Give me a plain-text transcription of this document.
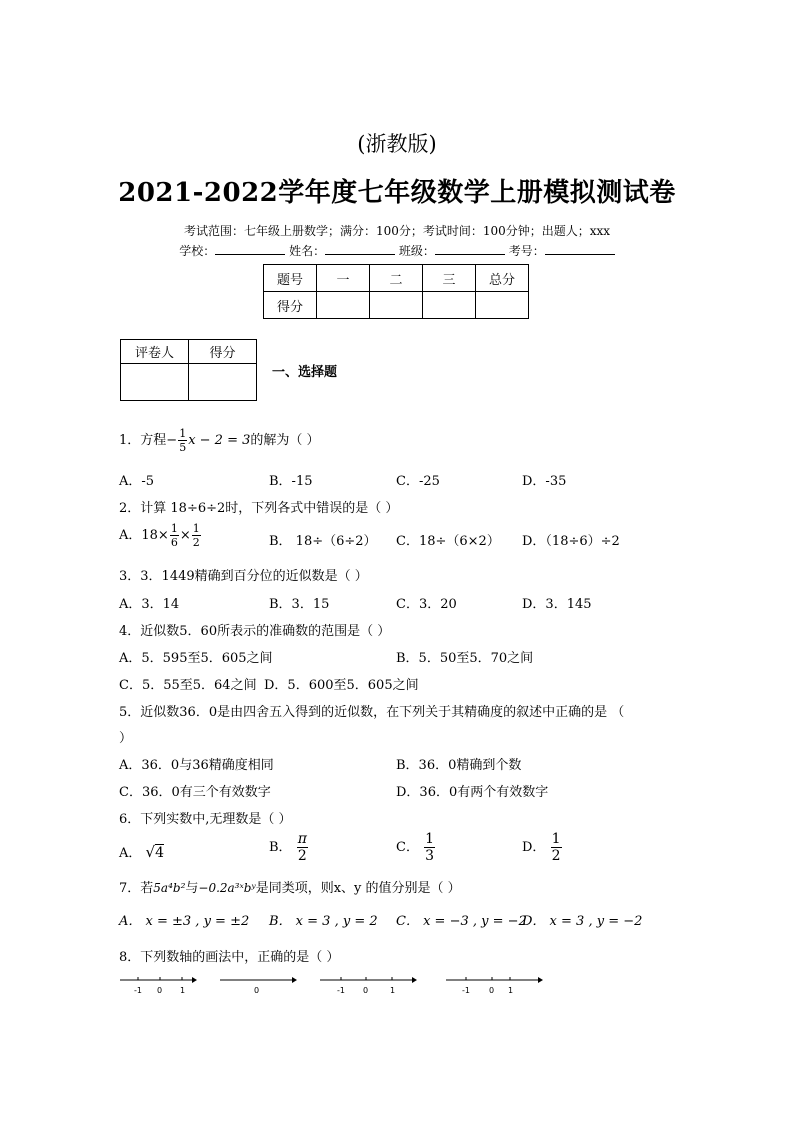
(浙教版)
2021-2022学年度七年级数学上册模拟测试卷
考试范围：七年级上册数学；满分：100分；考试时间：100分钟；出题人；xxx
学校：	姓名：	班级：	考号：
题号	一	二	三	总分
得分				
评卷人	得分

一、选择题
1．方程− $\frac{1}{5}$ x − 2 = 3的解为（ ）
A．-5	B．-15	C．-25	D．-35
2．计算 18÷6÷2时，下列各式中错误的是（ ）
A．$18\times \frac{1}{6} \times \frac{1}{2}$	B． 18÷（6÷2） C．18÷（6×2） D．（18÷6）÷2
3．3．1449精确到百分位的近似数是（ ）
A．3．14	B．3．15	C．3．20	D．3．145
4．近似数5．60所表示的准确数的范围是（ ）
A．5．595至5．605之间	B．5．50至5．70之间
C．5．55至5．64之间 D．5．600至5．605之间
5．近似数36．0是由四舍五入得到的近似数，在下列关于其精确度的叙述中正确的是 （
）
A．36．0与36精确度相同	B．36．0精确到个数
C．36．0有三个有效数字	D．36．0有两个有效数字
6．下列实数中,无理数是（ ）
A． √4	B． $\frac{\pi}{2}$	C． $\frac{1}{3}$	D． $\frac{1}{2}$
7．若5a⁴b²与−0.2a³ˣbʸ是同类项，则x、y 的值分别是（ ）
A． x = ±3 , y = ±2 B． x = 3 , y = 2 C． x = −3 , y = −2
D． x = 3 , y = −2
8．下列数轴的画法中，正确的是（ ）
-1 0 1	0	-1 0	1	-1 0 1
